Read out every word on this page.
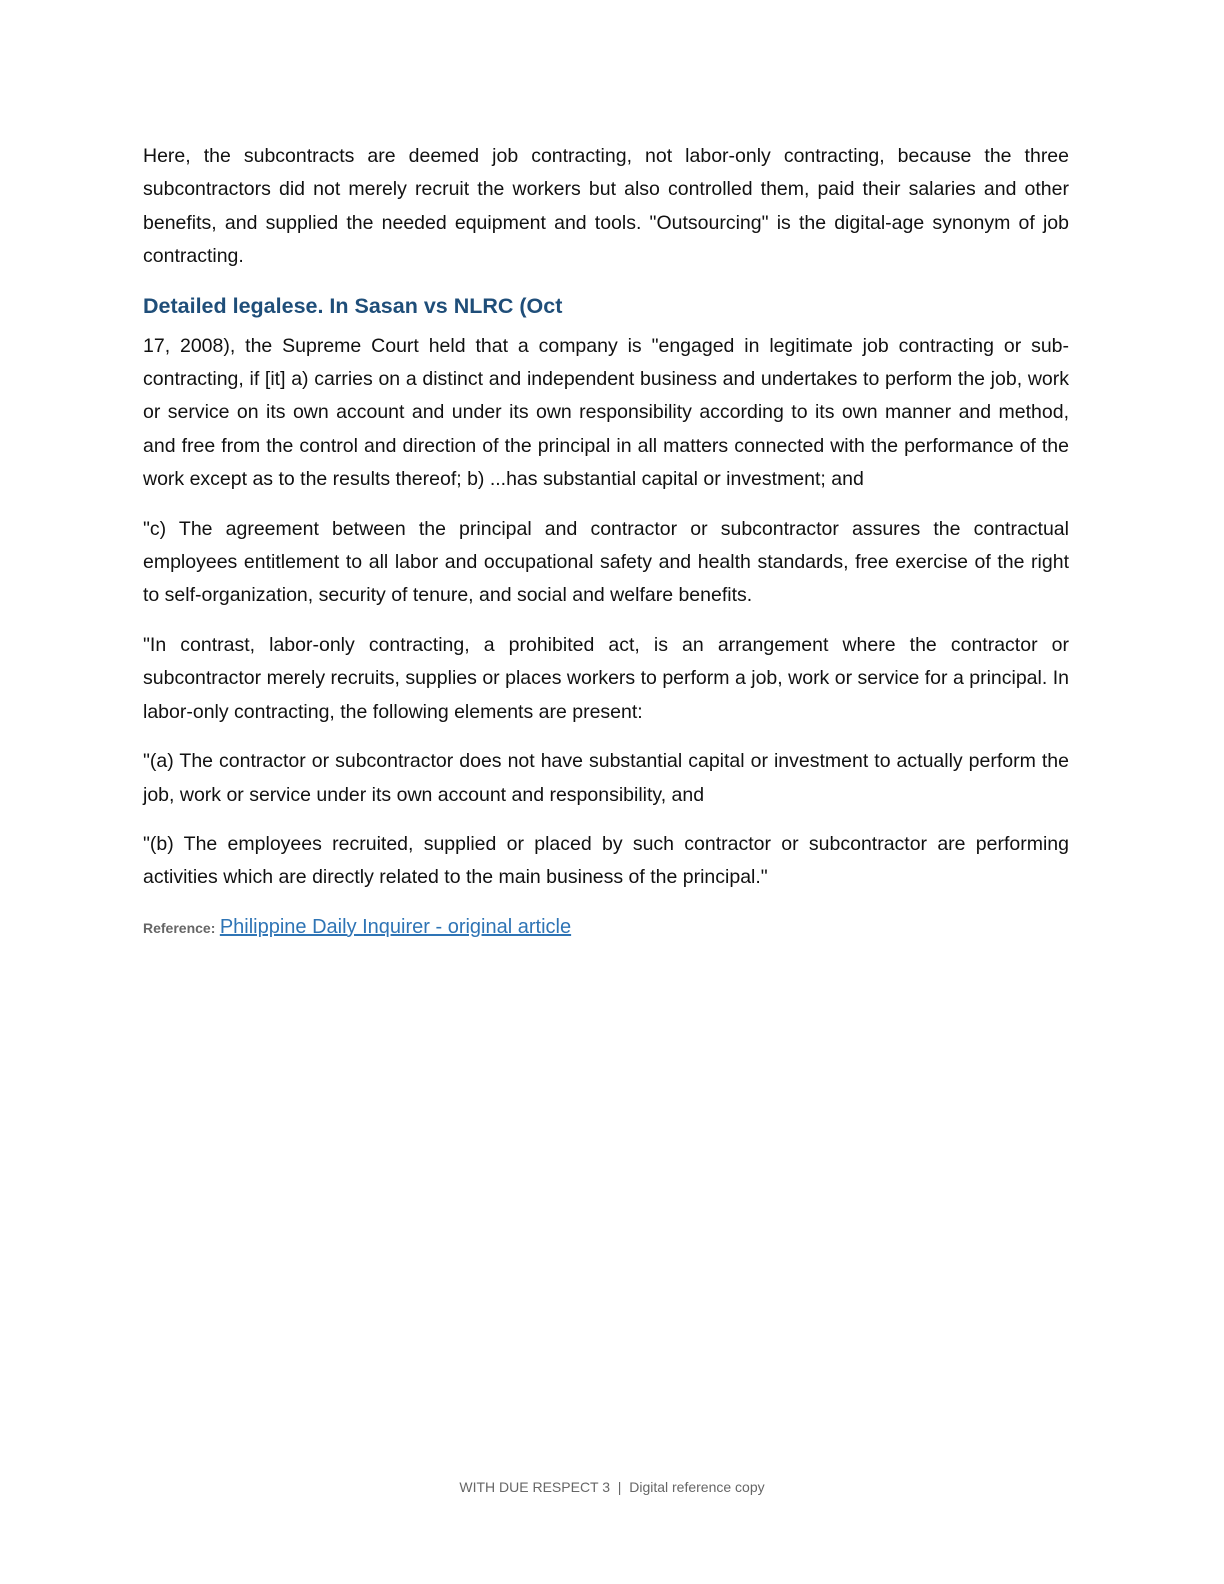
Here, the subcontracts are deemed job contracting, not labor-only contracting, because the three subcontractors did not merely recruit the workers but also controlled them, paid their salaries and other benefits, and supplied the needed equipment and tools. "Outsourcing" is the digital-age synonym of job contracting.

Detailed legalese. In Sasan vs NLRC (Oct

17, 2008), the Supreme Court held that a company is "engaged in legitimate job contracting or sub-contracting, if [it] a) carries on a distinct and independent business and undertakes to perform the job, work or service on its own account and under its own responsibility according to its own manner and method, and free from the control and direction of the principal in all matters connected with the performance of the work except as to the results thereof; b) ...has substantial capital or investment; and

"c) The agreement between the principal and contractor or subcontractor assures the contractual employees entitlement to all labor and occupational safety and health standards, free exercise of the right to self-organization, security of tenure, and social and welfare benefits.

"In contrast, labor-only contracting, a prohibited act, is an arrangement where the contractor or subcontractor merely recruits, supplies or places workers to perform a job, work or service for a principal. In labor-only contracting, the following elements are present:

"(a) The contractor or subcontractor does not have substantial capital or investment to actually perform the job, work or service under its own account and responsibility, and

"(b) The employees recruited, supplied or placed by such contractor or subcontractor are performing activities which are directly related to the main business of the principal."

Reference: Philippine Daily Inquirer - original article
WITH DUE RESPECT 3  |  Digital reference copy
